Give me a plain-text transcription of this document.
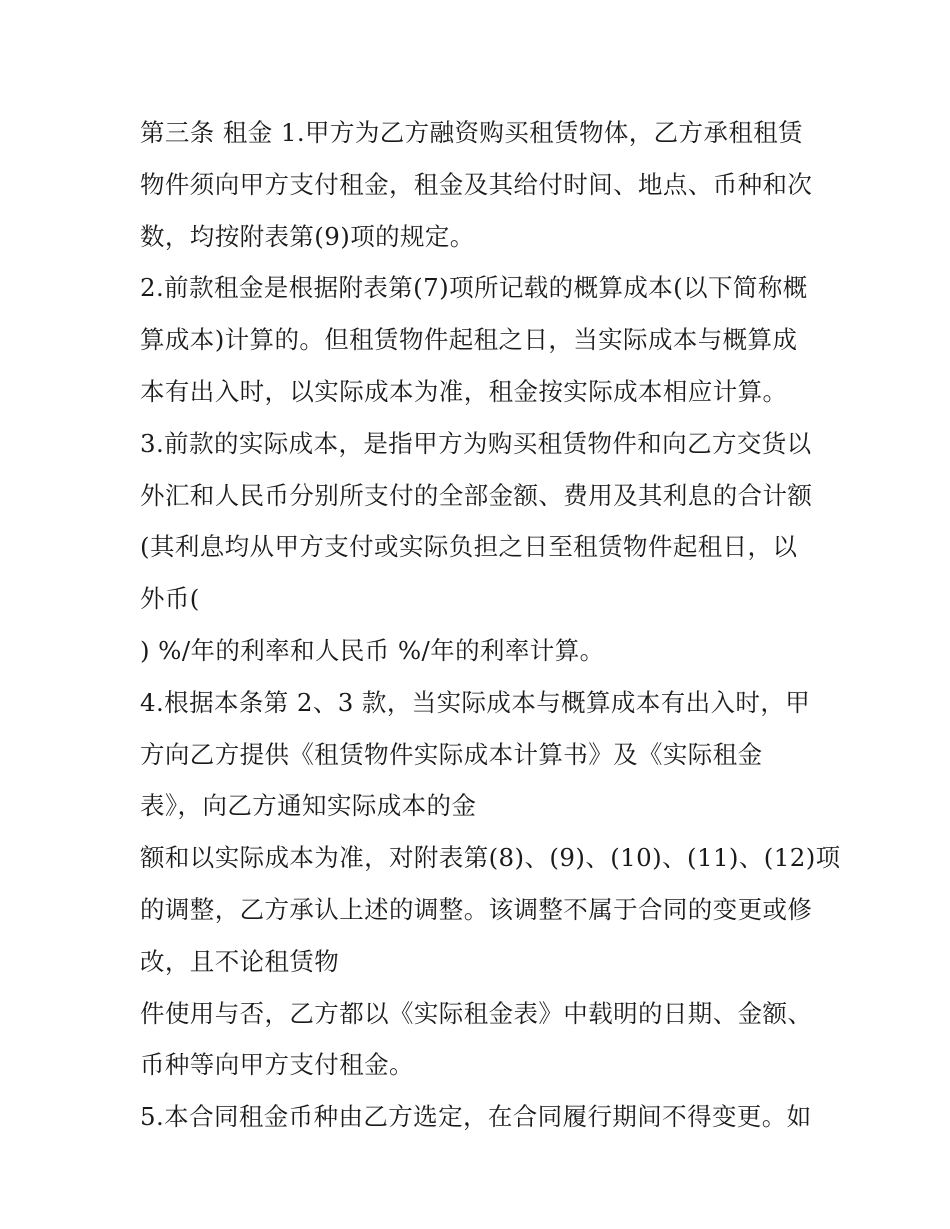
第三条 租金 1.甲方为乙方融资购买租赁物体，乙方承租租赁
物件须向甲方支付租金，租金及其给付时间、地点、币种和次
数，均按附表第(9)项的规定。
2.前款租金是根据附表第(7)项所记载的概算成本(以下简称概
算成本)计算的。但租赁物件起租之日，当实际成本与概算成
本有出入时，以实际成本为准，租金按实际成本相应计算。
3.前款的实际成本，是指甲方为购买租赁物件和向乙方交货以
外汇和人民币分别所支付的全部金额、费用及其利息的合计额
(其利息均从甲方支付或实际负担之日至租赁物件起租日，以
外币(
) %/年的利率和人民币 %/年的利率计算。
4.根据本条第 2、3 款，当实际成本与概算成本有出入时，甲
方向乙方提供《租赁物件实际成本计算书》及《实际租金
表》，向乙方通知实际成本的金
额和以实际成本为准，对附表第(8)、(9)、(10)、(11)、(12)项
的调整，乙方承认上述的调整。该调整不属于合同的变更或修
改，且不论租赁物
件使用与否，乙方都以《实际租金表》中载明的日期、金额、
币种等向甲方支付租金。
5.本合同租金币种由乙方选定，在合同履行期间不得变更。如
